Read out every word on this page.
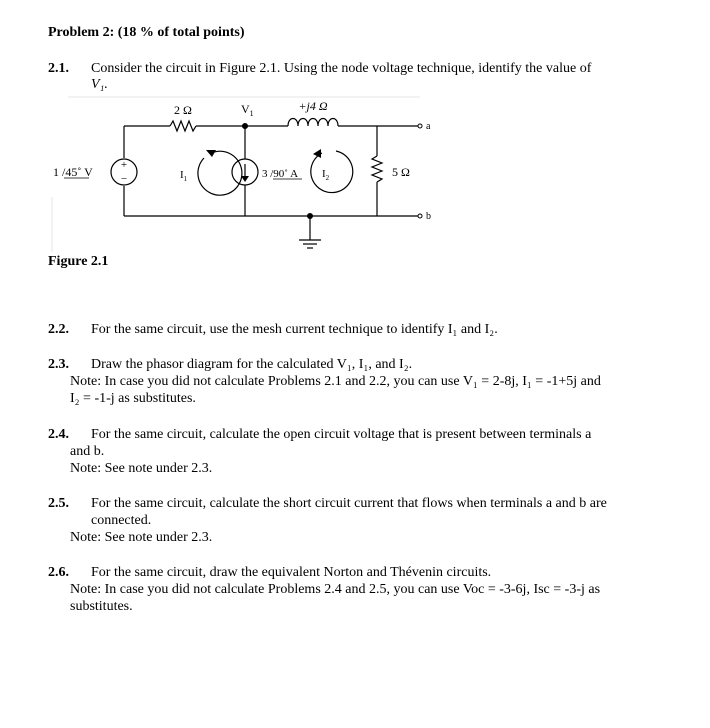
Problem 2: (18 % of total points)
2.1. Consider the circuit in Figure 2.1. Using the node voltage technique, identify the value of
V₁.
+
−
2 Ω	$V_1$
+j4 Ω
a
b
1 /45˚ V	$I_1$	3 /90˚ A $I_2$	5 Ω
Figure 2.1
2.2. For the same circuit, use the mesh current technique to identify I₁ and I₂.
2.3. Draw the phasor diagram for the calculated V₁, I₁, and I₂.
Note: In case you did not calculate Problems 2.1 and 2.2, you can use V₁ = 2-8j, I₁ = -1+5j and
I₂ = -1-j as substitutes.
2.4. For the same circuit, calculate the open circuit voltage that is present between terminals a
and b.
Note: See note under 2.3.
2.5. For the same circuit, calculate the short circuit current that flows when terminals a and b are
connected.
Note: See note under 2.3.
2.6. For the same circuit, draw the equivalent Norton and Thévenin circuits.
Note: In case you did not calculate Problems 2.4 and 2.5, you can use Voc = -3-6j, Isc = -3-j as
substitutes.
